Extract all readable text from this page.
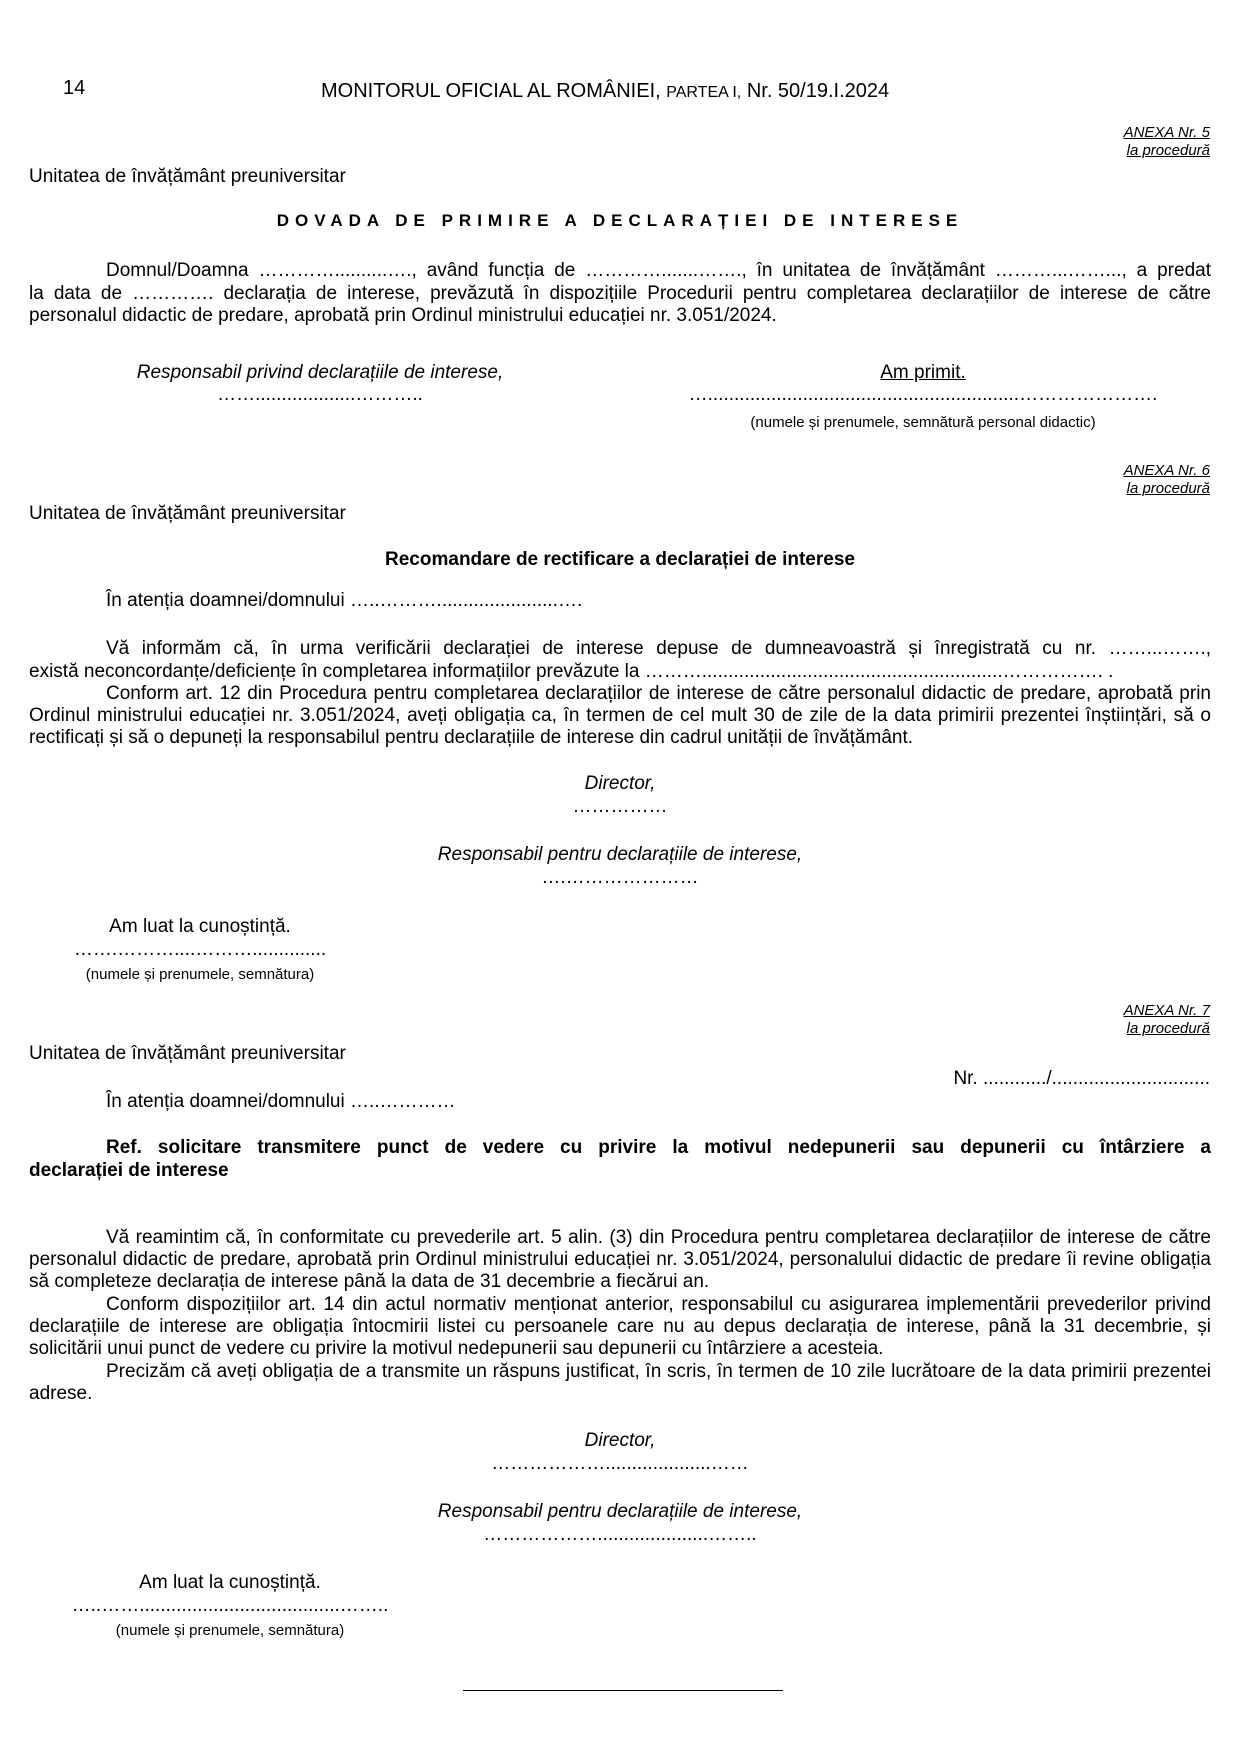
14	MONITORUL OFICIAL AL ROMÂNIEI, PARTEA I, Nr. 50/19.I.2024
ANEXA Nr. 5
la procedură
Unitatea de învățământ preuniversitar
DOVADA DE PRIMIRE A DECLARAȚIEI DE INTERESE
Domnul/Doamna …………..........…., având funcția de ………….......……., în unitatea de învățământ ………...……..., a predat
la data de …………. declarația de interese, prevăzută în dispozițiile Procedurii pentru completarea declarațiilor de interese de către personalul didactic de predare, aprobată prin Ordinul ministrului educației nr. 3.051/2024.
Responsabil privind declarațiile de interese,
……...................………..
Am primit.
…...........................................................………………….
(numele și prenumele, semnătură personal didactic)
ANEXA Nr. 6
la procedură
Unitatea de învățământ preuniversitar
Recomandare de rectificare a declarației de interese
În atenția doamnei/domnului …..……….......................….
Vă informăm că, în urma verificării declarației de interese depuse de dumneavoastră și înregistrată cu nr. ……...…….,
există neconcordanțe/deficiențe în completarea informațiilor prevăzute la ……….........................................................……………. .
Conform art. 12 din Procedura pentru completarea declarațiilor de interese de către personalul didactic de predare, aprobată prin Ordinul ministrului educației nr. 3.051/2024, aveți obligația ca, în termen de cel mult 30 de zile de la data primirii prezentei înștiințări, să o rectificați și să o depuneți la responsabilul pentru declarațiile de interese din cadrul unității de învățământ.
Director,
……………
Responsabil pentru declarațiile de interese,
….…………………
Am luat la cunoștință.
…….………....………..............
(numele și prenumele, semnătura)
ANEXA Nr. 7
la procedură
Unitatea de învățământ preuniversitar
Nr. ............/..............................
În atenția doamnei/domnului …..…………
Ref. solicitare transmitere punct de vedere cu privire la motivul nedepunerii sau depunerii cu întârziere a
declarației de interese
Vă reamintim că, în conformitate cu prevederile art. 5 alin. (3) din Procedura pentru completarea declarațiilor de interese de către personalul didactic de predare, aprobată prin Ordinul ministrului educației nr. 3.051/2024, personalului didactic de predare îi revine obligația să completeze declarația de interese până la data de 31 decembrie a fiecărui an.
Conform dispozițiilor art. 14 din actul normativ menționat anterior, responsabilul cu asigurarea implementării prevederilor privind declarațiile de interese are obligația întocmirii listei cu persoanele care nu au depus declarația de interese, până la 31 decembrie, și solicitării unui punct de vedere cu privire la motivul nedepunerii sau depunerii cu întârziere a acesteia.
Precizăm că aveți obligația de a transmite un răspuns justificat, în scris, în termen de 10 zile lucrătoare de la data primirii prezentei adrese.
Director,
………………....................……
Responsabil pentru declarațiile de interese,
……………….....................……..
Am luat la cunoștință.
…..……......................................……..
(numele și prenumele, semnătura)
